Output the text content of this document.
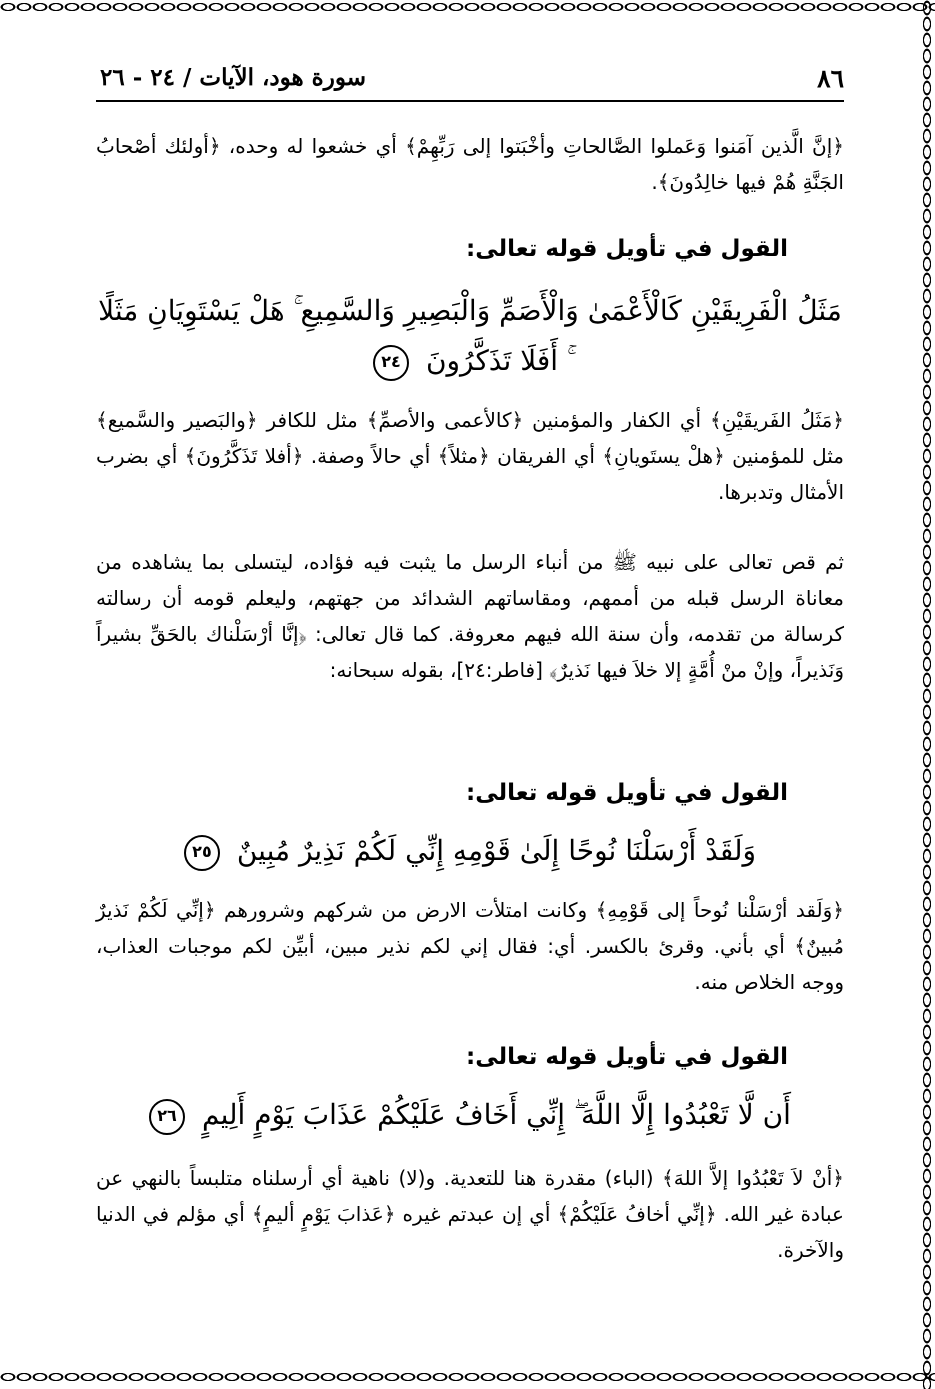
٨٦
سورة هود، الآيات / ٢٤ - ٢٦
﴿إنَّ الَّذين آمَنوا وَعَملوا الصَّالحاتِ وأخْبَتوا إلى رَبِّهِمْ﴾ أي خشعوا له وحده، ﴿أولئك أصْحابُ الجَنَّةِ هُمْ فيها خالِدُونَ﴾.
القول في تأويل قوله تعالى:
مَثَلُ الْفَرِيقَيْنِ كَالْأَعْمَىٰ وَالْأَصَمِّ وَالْبَصِيرِ وَالسَّمِيعِ ۚ هَلْ يَسْتَوِيَانِ مَثَلًا ۚ أَفَلَا تَذَكَّرُونَ ٢٤
﴿مَثَلُ الفَريقَيْنِ﴾ أي الكفار والمؤمنين ﴿كالأعمى والأصمِّ﴾ مثل للكافر ﴿والبَصير والسَّميع﴾ مثل للمؤمنين ﴿هلْ يستَويانِ﴾ أي الفريقان ﴿مثلاً﴾ أي حالاً وصفة. ﴿أفلا تَذَكَّرُونَ﴾ أي بضرب الأمثال وتدبرها.
ثم قص تعالى على نبيه ﷺ من أنباء الرسل ما يثبت فيه فؤاده، ليتسلى بما يشاهده من معاناة الرسل قبله من أممهم، ومقاساتهم الشدائد من جهتهم، وليعلم قومه أن رسالته كرسالة من تقدمه، وأن سنة الله فيهم معروفة. كما قال تعالى: ﴿إنَّا أرْسَلْناك بالحَقِّ بشيراً وَنَذيراً، وإنْ منْ أُمَّةٍ إلا خلاَ فيها نَذيرٌ﴾ [فاطر:٢٤]، بقوله سبحانه:
القول في تأويل قوله تعالى:
وَلَقَدْ أَرْسَلْنَا نُوحًا إِلَىٰ قَوْمِهِ إِنِّي لَكُمْ نَذِيرٌ مُبِينٌ ٢٥
﴿وَلَقد أرْسَلْنا نُوحاً إلى قَوْمِهِ﴾ وكانت امتلأت الارض من شركهم وشرورهم ﴿إنِّي لَكُمْ نَذيرٌ مُبينٌ﴾ أي بأني. وقرئ بالكسر. أي: فقال إني لكم نذير مبين، أبيِّن لكم موجبات العذاب، ووجه الخلاص منه.
القول في تأويل قوله تعالى:
أَن لَّا تَعْبُدُوا إِلَّا اللَّهَ ۖ إِنِّي أَخَافُ عَلَيْكُمْ عَذَابَ يَوْمٍ أَلِيمٍ ٢٦
﴿أنْ لاَ تَعْبُدُوا إلاَّ اللهَ﴾ (الباء) مقدرة هنا للتعدية. و(لا) ناهية أي أرسلناه متلبساً بالنهي عن عبادة غير الله. ﴿إنِّي أخافُ عَلَيْكُمْ﴾ أي إن عبدتم غيره ﴿عَذابَ يَوْمٍ أليمٍ﴾ أي مؤلم في الدنيا والآخرة.
